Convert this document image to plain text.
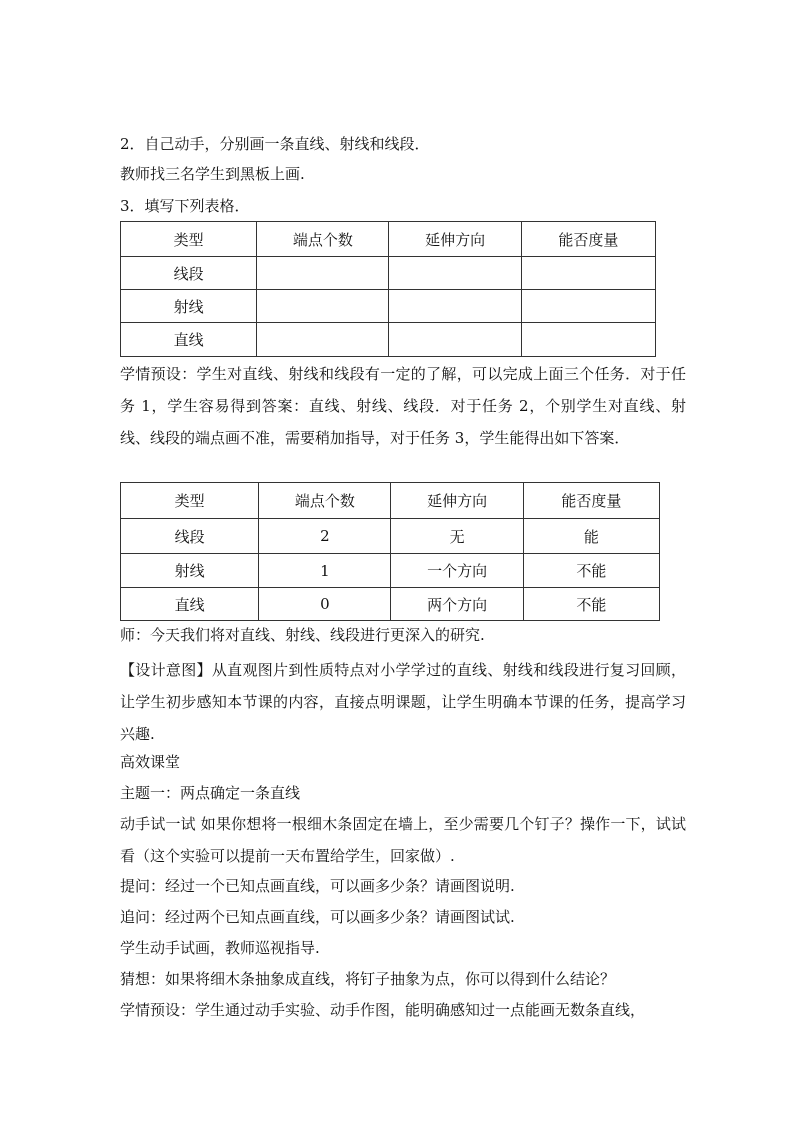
2．自己动手，分别画一条直线、射线和线段．
教师找三名学生到黑板上画.
3．填写下列表格．
类型	端点个数	延伸方向	能否度量
线段			
射线			
直线			
学情预设：学生对直线、射线和线段有一定的了解，可以完成上面三个任务．对于任务 1，学生容易得到答案：直线、射线、线段．对于任务 2，个别学生对直线、射线、线段的端点画不准，需要稍加指导，对于任务 3，学生能得出如下答案．
类型	端点个数	延伸方向	能否度量
线段	2	无	能
射线	1	一个方向	不能
直线	0	两个方向	不能
师：今天我们将对直线、射线、线段进行更深入的研究.
【设计意图】从直观图片到性质特点对小学学过的直线、射线和线段进行复习回顾，让学生初步感知本节课的内容，直接点明课题，让学生明确本节课的任务，提高学习兴趣.
高效课堂
主题一：两点确定一条直线
动手试一试 如果你想将一根细木条固定在墙上，至少需要几个钉子？操作一下，试试看（这个实验可以提前一天布置给学生，回家做）.
提问：经过一个已知点画直线，可以画多少条？请画图说明.
追问：经过两个已知点画直线，可以画多少条？请画图试试.
学生动手试画，教师巡视指导.
猜想：如果将细木条抽象成直线，将钉子抽象为点，你可以得到什么结论？
学情预设：学生通过动手实验、动手作图，能明确感知过一点能画无数条直线，
